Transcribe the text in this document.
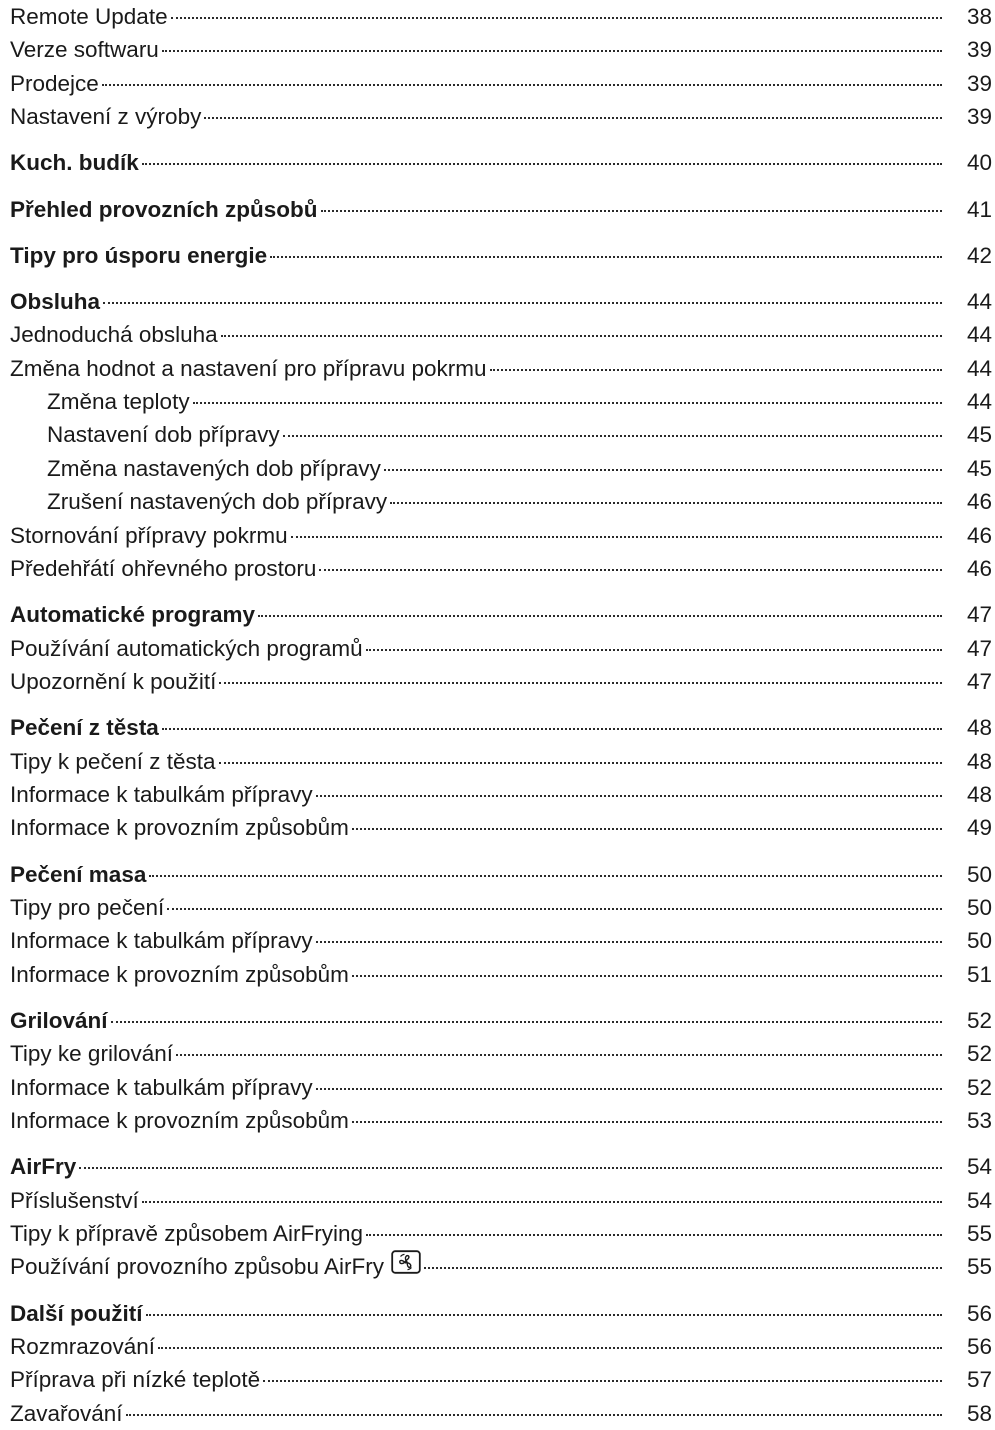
Remote Update	38
Verze softwaru	39
Prodejce	39
Nastavení z výroby	39
Kuch. budík	40
Přehled provozních způsobů	41
Tipy pro úsporu energie	42
Obsluha	44
Jednoduchá obsluha	44
Změna hodnot a nastavení pro přípravu pokrmu	44
Změna teploty	44
Nastavení dob přípravy	45
Změna nastavených dob přípravy	45
Zrušení nastavených dob přípravy	46
Stornování přípravy pokrmu	46
Předehřátí ohřevného prostoru	46
Automatické programy	47
Používání automatických programů	47
Upozornění k použití	47
Pečení z těsta	48
Tipy k pečení z těsta	48
Informace k tabulkám přípravy	48
Informace k provozním způsobům	49
Pečení masa	50
Tipy pro pečení	50
Informace k tabulkám přípravy	50
Informace k provozním způsobům	51
Grilování	52
Tipy ke grilování	52
Informace k tabulkám přípravy	52
Informace k provozním způsobům	53
AirFry	54
Příslušenství	54
Tipy k přípravě způsobem AirFrying	55
Používání provozního způsobu AirFry	55
Další použití	56
Rozmrazování	56
Příprava při nízké teplotě	57
Zavařování	58
